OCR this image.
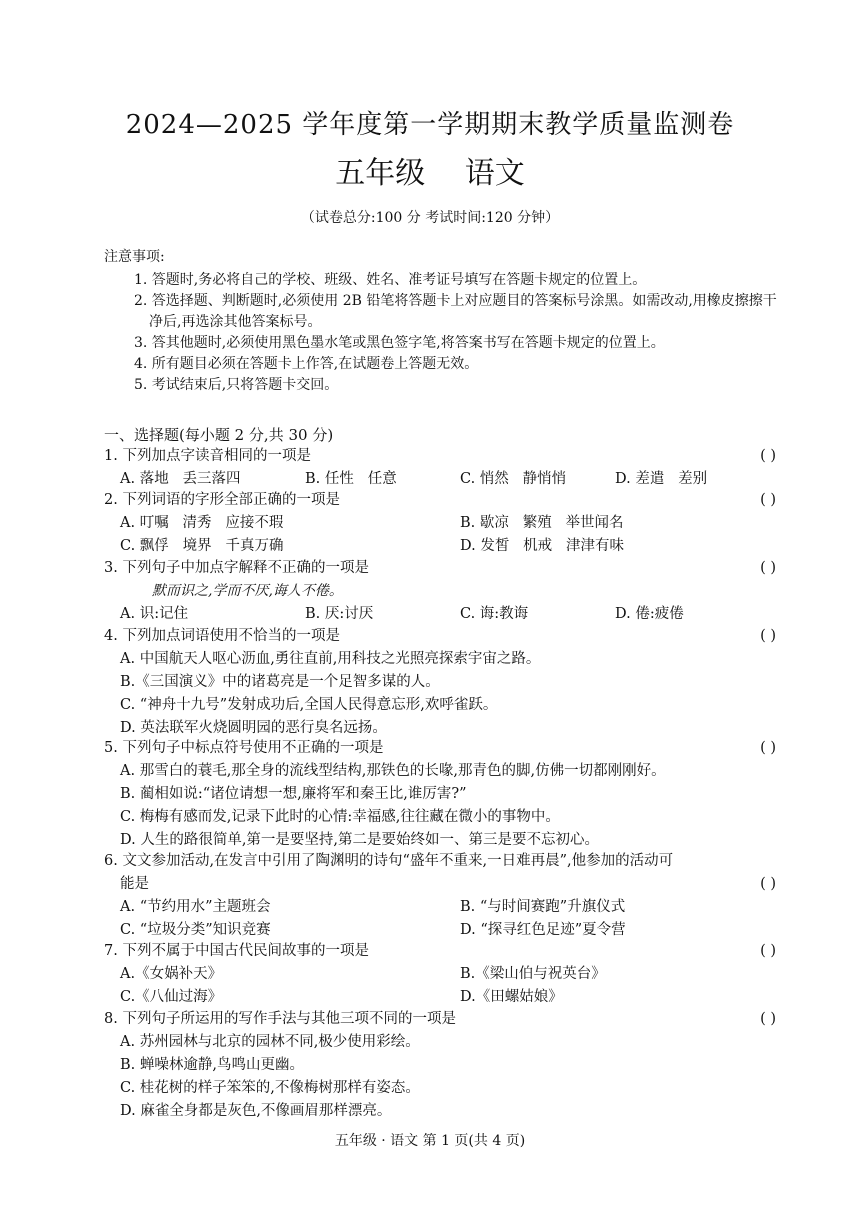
2024—2025 学年度第一学期期末教学质量监测卷
五年级 语文
（试卷总分:100 分 考试时间:120 分钟）
注意事项:
1. 答题时,务必将自己的学校、班级、姓名、准考证号填写在答题卡规定的位置上。
2. 答选择题、判断题时,必须使用 2B 铅笔将答题卡上对应题目的答案标号涂黑。如需改动,用橡皮擦擦干净后,再选涂其他答案标号。
3. 答其他题时,必须使用黑色墨水笔或黑色签字笔,将答案书写在答题卡规定的位置上。
4. 所有题目必须在答题卡上作答,在试题卷上答题无效。
5. 考试结束后,只将答题卡交回。
一、选择题(每小题 2 分,共 30 分)
1. 下列加点字读音相同的一项是	( )
A. 落地   丢三落四	B. 任性   任意	C. 悄然   静悄悄	D. 差遣   差别
2. 下列词语的字形全部正确的一项是	( )
A. 叮嘱   清秀   应接不瑕	B. 歇凉   繁殖   举世闻名
C. 飘俘   境界   千真万确	D. 发皙   机戒   津津有味
3. 下列句子中加点字解释不正确的一项是	( )
默而识之,学而不厌,诲人不倦。
A. 识:记住	B. 厌:讨厌	C. 诲:教诲	D. 倦:疲倦
4. 下列加点词语使用不恰当的一项是	( )
A. 中国航天人呕心沥血,勇往直前,用科技之光照亮探索宇宙之路。
B.《三国演义》中的诸葛亮是一个足智多谋的人。
C. “神舟十九号”发射成功后,全国人民得意忘形,欢呼雀跃。
D. 英法联军火烧圆明园的恶行臭名远扬。
5. 下列句子中标点符号使用不正确的一项是	( )
A. 那雪白的蓑毛,那全身的流线型结构,那铁色的长喙,那青色的脚,仿佛一切都刚刚好。
B. 蔺相如说:“诸位请想一想,廉将军和秦王比,谁厉害?”
C. 梅梅有感而发,记录下此时的心情:幸福感,往往藏在微小的事物中。
D. 人生的路很简单,第一是要坚持,第二是要始终如一、第三是要不忘初心。
6. 文文参加活动,在发言中引用了陶渊明的诗句“盛年不重来,一日难再晨”,他参加的活动可
能是	( )
A. “节约用水”主题班会	B. “与时间赛跑”升旗仪式
C. “垃圾分类”知识竞赛	D. “探寻红色足迹”夏令营
7. 下列不属于中国古代民间故事的一项是	( )
A.《女娲补天》	B.《梁山伯与祝英台》
C.《八仙过海》	D.《田螺姑娘》
8. 下列句子所运用的写作手法与其他三项不同的一项是	( )
A. 苏州园林与北京的园林不同,极少使用彩绘。
B. 蝉噪林逾静,鸟鸣山更幽。
C. 桂花树的样子笨笨的,不像梅树那样有姿态。
D. 麻雀全身都是灰色,不像画眉那样漂亮。
五年级 · 语文 第 1 页(共 4 页)
